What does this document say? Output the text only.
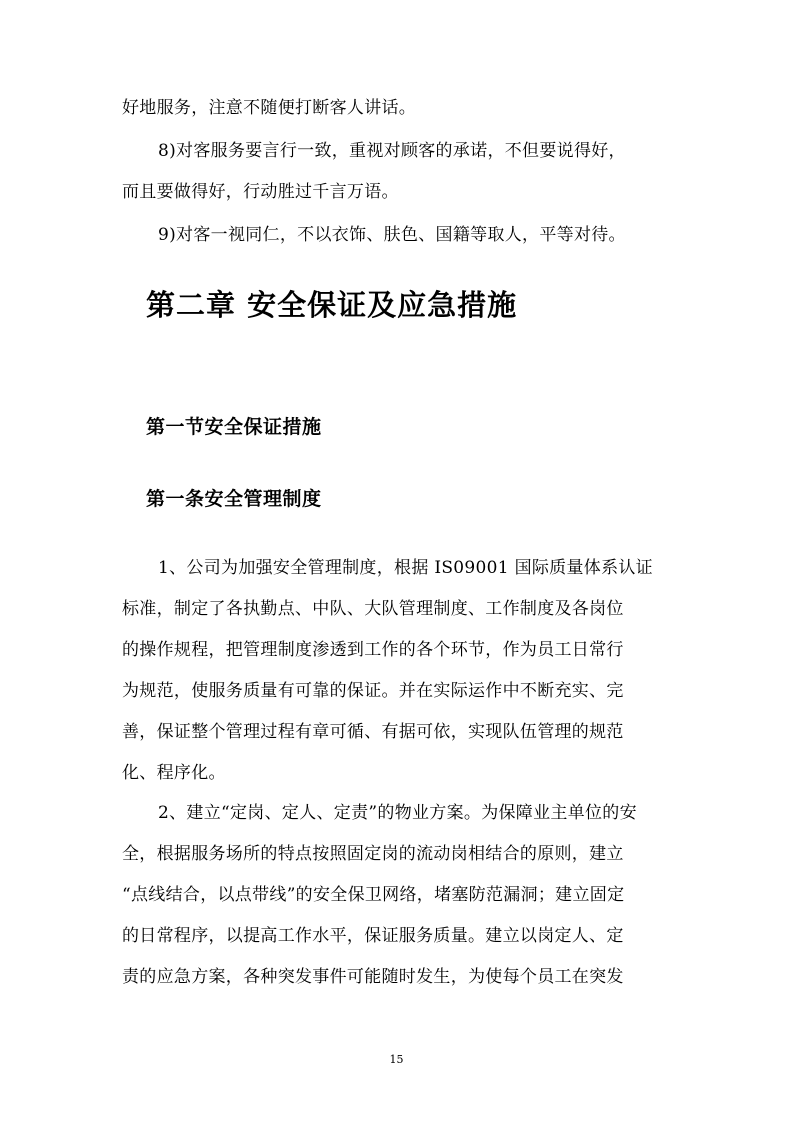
好地服务，注意不随便打断客人讲话。
8)对客服务要言行一致，重视对顾客的承诺，不但要说得好，
而且要做得好，行动胜过千言万语。
9)对客一视同仁，不以衣饰、肤色、国籍等取人，平等对待。
第二章 安全保证及应急措施
第一节安全保证措施
第一条安全管理制度
1、公司为加强安全管理制度，根据 IS09001 国际质量体系认证
标准，制定了各执勤点、中队、大队管理制度、工作制度及各岗位
的操作规程，把管理制度渗透到工作的各个环节，作为员工日常行
为规范，使服务质量有可靠的保证。并在实际运作中不断充实、完
善，保证整个管理过程有章可循、有据可依，实现队伍管理的规范
化、程序化。
2、建立“定岗、定人、定责”的物业方案。为保障业主单位的安
全，根据服务场所的特点按照固定岗的流动岗相结合的原则，建立
“点线结合，以点带线”的安全保卫网络，堵塞防范漏洞；建立固定
的日常程序，以提高工作水平，保证服务质量。建立以岗定人、定
责的应急方案，各种突发事件可能随时发生，为使每个员工在突发
15
